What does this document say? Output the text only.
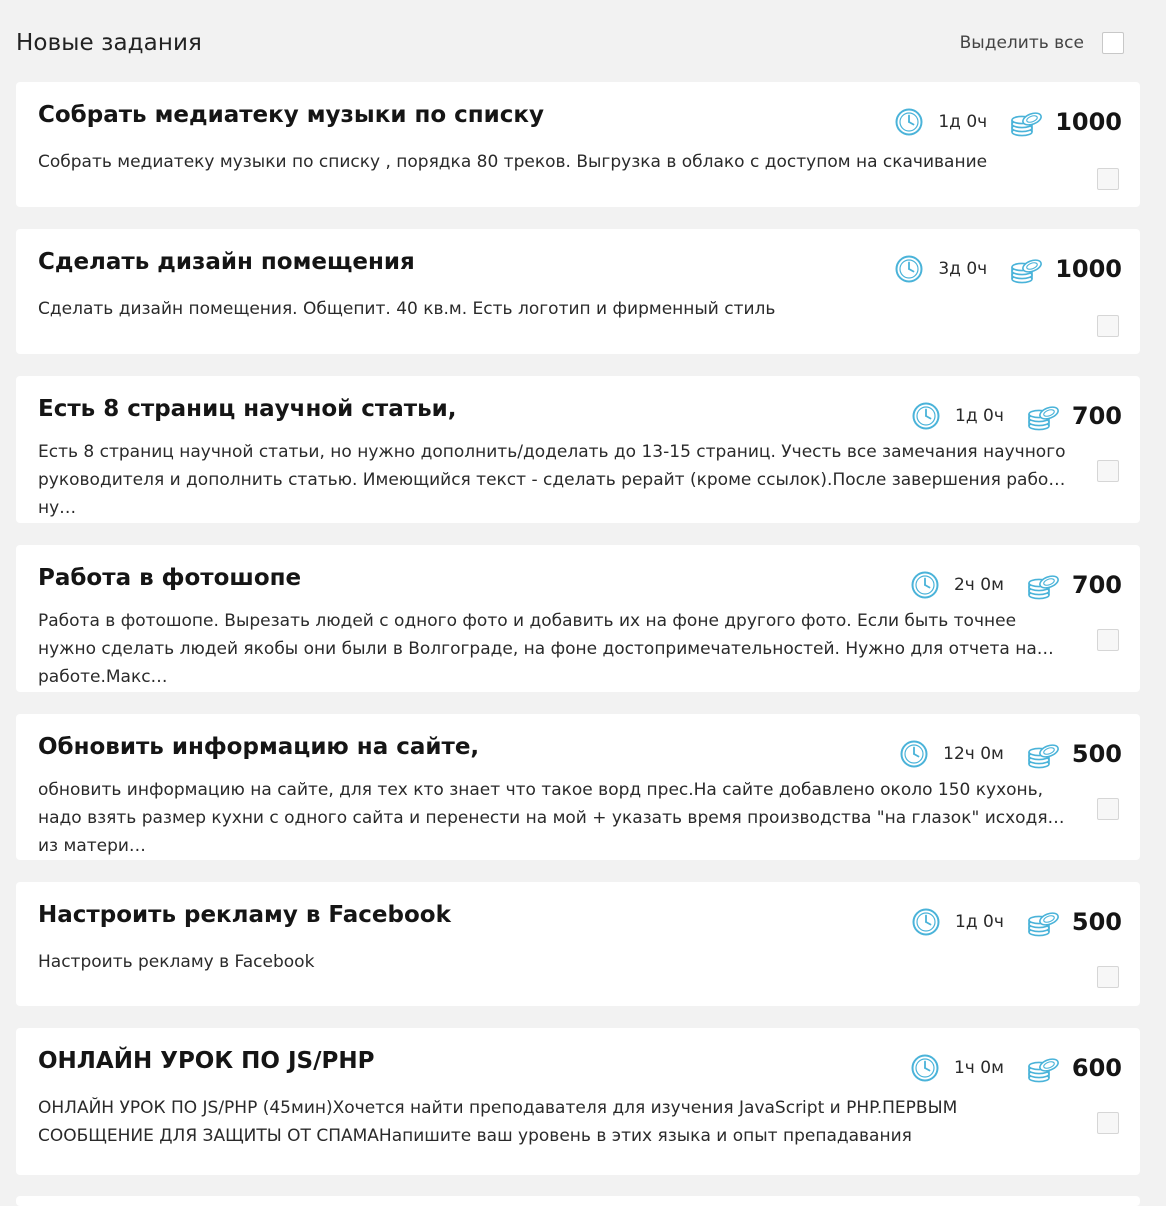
Новые задания	Выделить все
Собрать медиатеку музыки по списку	1д 0ч	1000
Собрать медиатеку музыки по списку , порядка 80 треков. Выгрузка в облако с доступом на скачивание
Сделать дизайн помещения	3д 0ч	1000
Сделать дизайн помещения. Общепит. 40 кв.м. Есть логотип и фирменный стиль
Есть 8 страниц научной статьи,	1д 0ч	700
Есть 8 страниц научной статьи, но нужно дополнить/доделать до 13-15 страниц. Учесть все замечания научного руководителя и дополнить статью. Имеющийся текст - сделать рерайт (кроме ссылок).После завершения работы ну…
Работа в фотошопе	2ч 0м	700
Работа в фотошопе. Вырезать людей с одного фото и добавить их на фоне другого фото. Если быть точнее нужно сделать людей якобы они были в Волгограде, на фоне достопримечательностей. Нужно для отчета на работе.Макс…
Обновить информацию на сайте,	12ч 0м	500
обновить информацию на сайте, для тех кто знает что такое ворд прес.На сайте добавлено около 150 кухонь, надо взять размер кухни с одного сайта и перенести на мой + указать время производства "на глазок" исходя из матери…
Настроить рекламу в Facebook	1д 0ч	500
Настроить рекламу в Facebook
ОНЛАЙН УРОК ПО JS/PHP	1ч 0м	600
ОНЛАЙН УРОК ПО JS/PHP (45мин)Хочется найти преподавателя для изучения JavaScript и PHP.ПЕРВЫМ СООБЩЕНИЕ ДЛЯ ЗАЩИТЫ ОТ СПАМАНапишите ваш уровень в этих языка и опыт препадавания
